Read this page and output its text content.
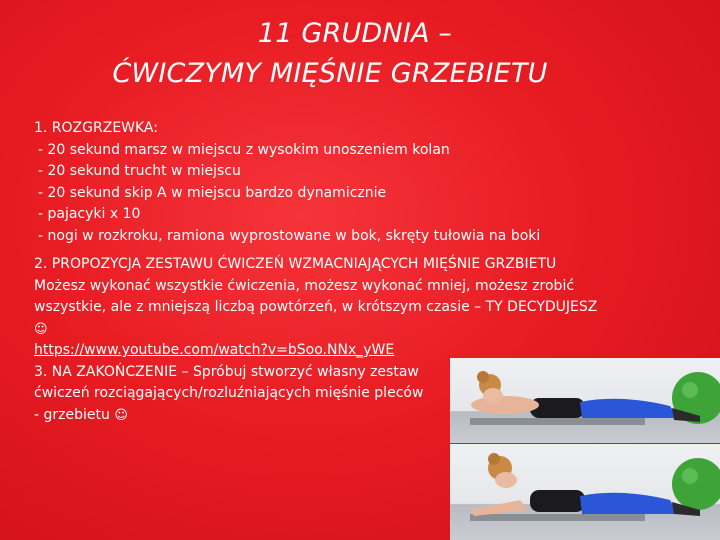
11 GRUDNIA –
ĆWICZYMY MIĘŚNIE GRZEBIETU

1. ROZGRZEWKA:

- 20 sekund marsz w miejscu z wysokim unoszeniem kolan

- 20 sekund trucht w miejscu

- 20 sekund skip A w miejscu bardzo dynamicznie

- pajacyki x 10

- nogi w rozkroku, ramiona wyprostowane w bok, skręty tułowia na boki

2. PROPOZYCJA ZESTAWU ĆWICZEŃ WZMACNIAJĄCYCH MIĘŚNIE GRZBIETU

Możesz wykonać wszystkie ćwiczenia, możesz wykonać mniej, możesz zrobić wszystkie, ale z mniejszą liczbą powtórzeń, w krótszym czasie – TY DECYDUJESZ ☺

https://www.youtube.com/watch?v=bSoo.NNx_yWE

3. NA ZAKOŃCZENIE – Spróbuj stworzyć własny zestaw ćwiczeń rozciągających/rozluźniających mięśnie pleców - grzebietu ☺
